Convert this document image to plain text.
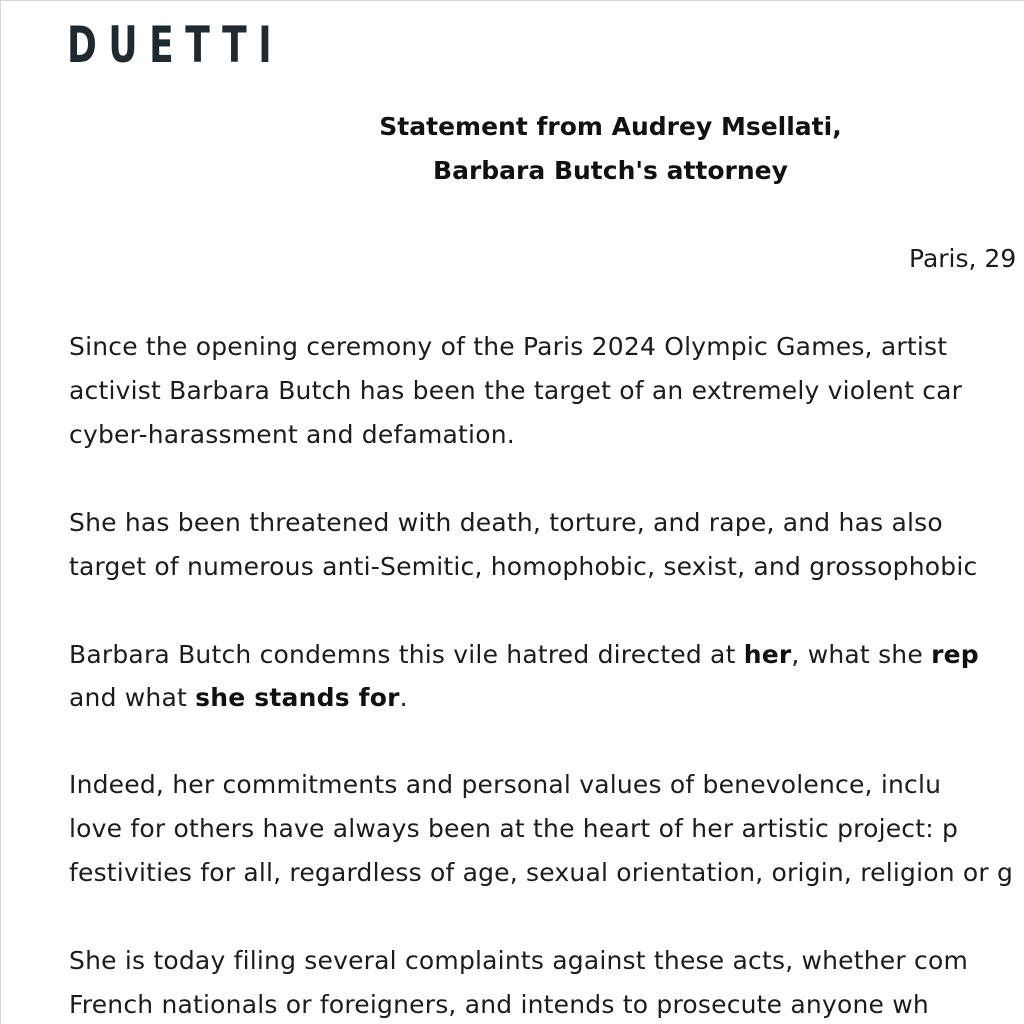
DUETTI
Statement from Audrey Msellati,
Barbara Butch's attorney
Paris, 29
Since the opening ceremony of the Paris 2024 Olympic Games, artist
activist Barbara Butch has been the target of an extremely violent car
cyber-harassment and defamation.
She has been threatened with death, torture, and rape, and has also
target of numerous anti-Semitic, homophobic, sexist, and grossophobic
Barbara Butch condemns this vile hatred directed at her, what she rep
and what she stands for.
Indeed, her commitments and personal values of benevolence, inclu
love for others have always been at the heart of her artistic project: p
festivities for all, regardless of age, sexual orientation, origin, religion or g
She is today filing several complaints against these acts, whether com
French nationals or foreigners, and intends to prosecute anyone wh
